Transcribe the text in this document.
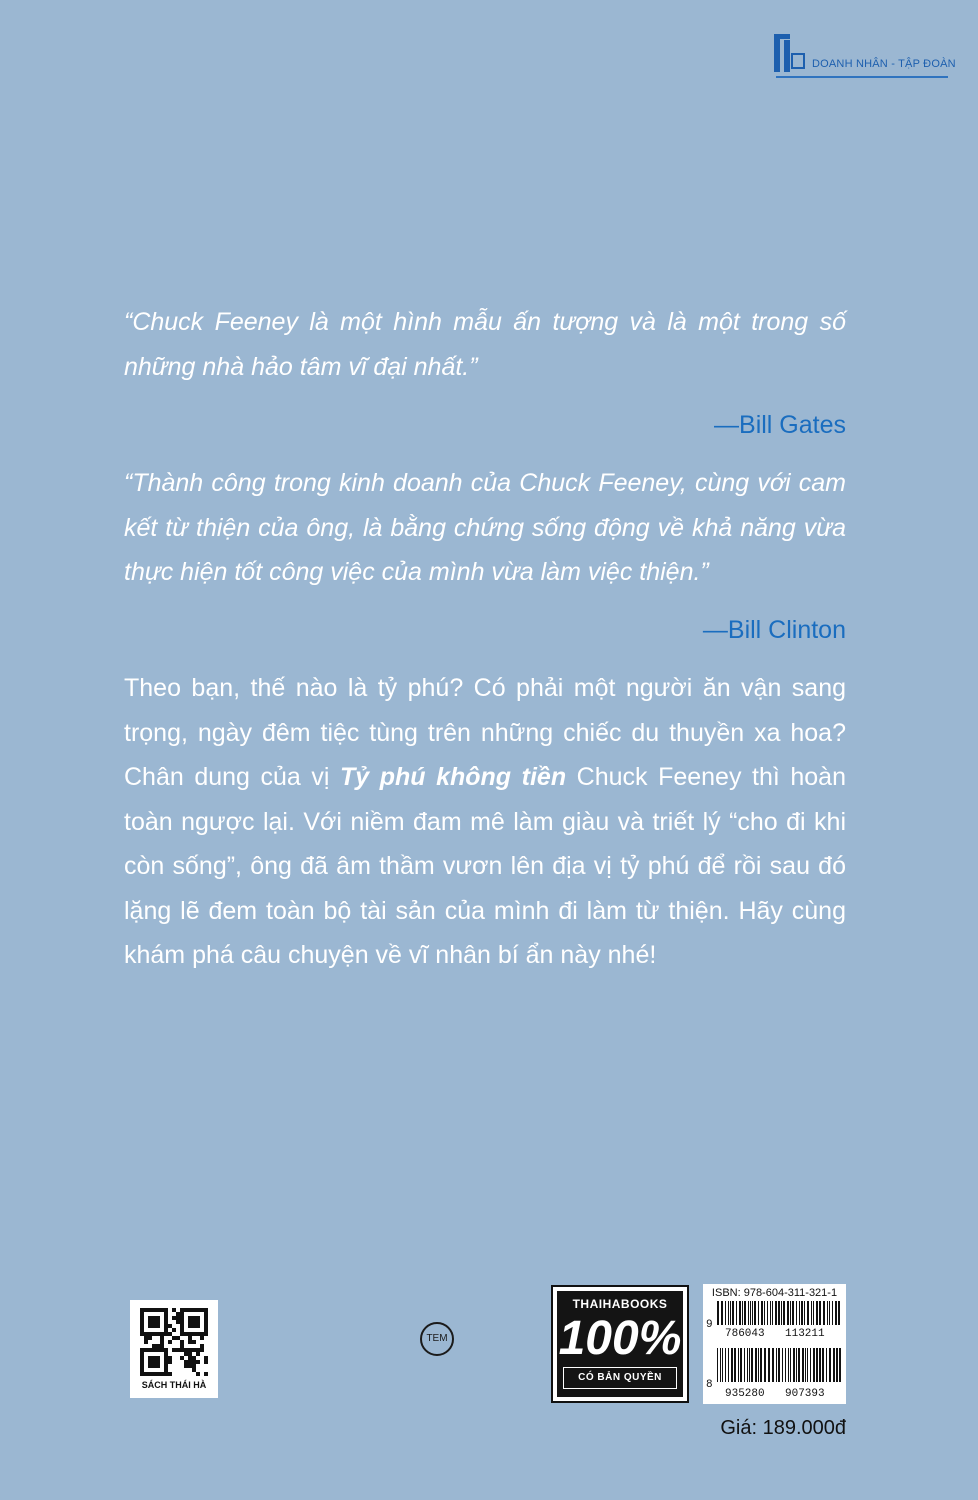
DOANH NHÂN - TẬP ĐOÀN
“Chuck Feeney là một hình mẫu ấn tượng và là một trong số những nhà hảo tâm vĩ đại nhất.”
—Bill Gates
“Thành công trong kinh doanh của Chuck Feeney, cùng với cam kết từ thiện của ông, là bằng chứng sống động về khả năng vừa thực hiện tốt công việc của mình vừa làm việc thiện.”
—Bill Clinton
Theo bạn, thế nào là tỷ phú? Có phải một người ăn vận sang trọng, ngày đêm tiệc tùng trên những chiếc du thuyền xa hoa? Chân dung của vị Tỷ phú không tiền Chuck Feeney thì hoàn toàn ngược lại. Với niềm đam mê làm giàu và triết lý “cho đi khi còn sống”, ông đã âm thầm vươn lên địa vị tỷ phú để rồi sau đó lặng lẽ đem toàn bộ tài sản của mình đi làm từ thiện. Hãy cùng khám phá câu chuyện về vĩ nhân bí ẩn này nhé!
SÁCH THÁI HÀ
TEM
THAIHABOOKS
100%
CÓ BẢN QUYỀN
ISBN: 978-604-311-321-1
9
786043 113211
8
935280 907393
Giá: 189.000đ
